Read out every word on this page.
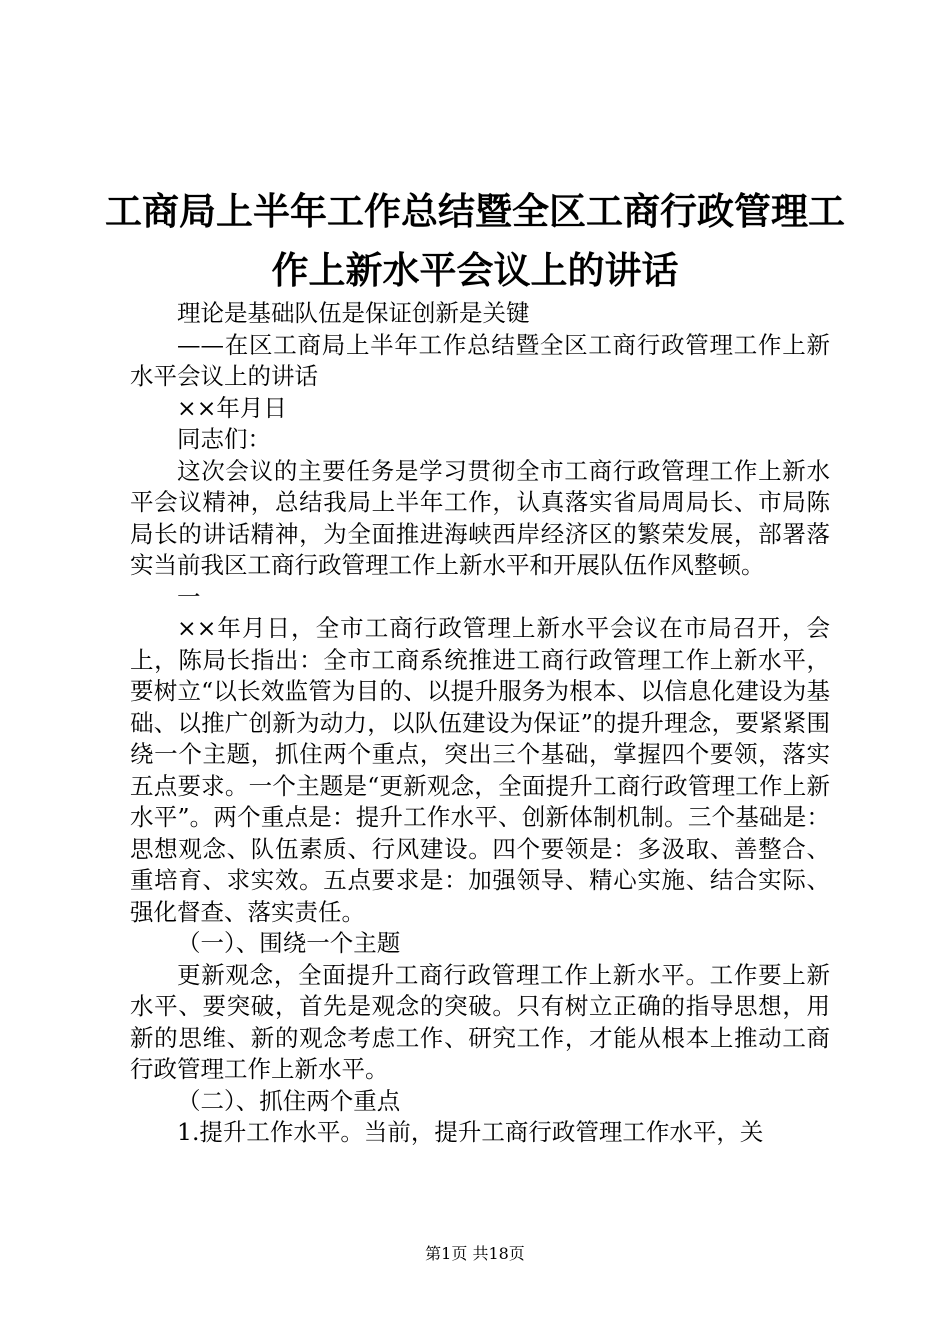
工商局上半年工作总结暨全区工商行政管理工
作上新水平会议上的讲话

理论是基础队伍是保证创新是关键

——在区工商局上半年工作总结暨全区工商行政管理工作上新水平会议上的讲话

××年月日

同志们：

这次会议的主要任务是学习贯彻全市工商行政管理工作上新水平会议精神，总结我局上半年工作，认真落实省局周局长、市局陈局长的讲话精神，为全面推进海峡西岸经济区的繁荣发展，部署落实当前我区工商行政管理工作上新水平和开展队伍作风整顿。

一

××年月日，全市工商行政管理上新水平会议在市局召开，会上，陈局长指出：全市工商系统推进工商行政管理工作上新水平，要树立“以长效监管为目的、以提升服务为根本、以信息化建设为基础、以推广创新为动力，以队伍建设为保证”的提升理念，要紧紧围绕一个主题，抓住两个重点，突出三个基础，掌握四个要领，落实五点要求。一个主题是“更新观念，全面提升工商行政管理工作上新水平”。两个重点是：提升工作水平、创新体制机制。三个基础是：思想观念、队伍素质、行风建设。四个要领是：多汲取、善整合、重培育、求实效。五点要求是：加强领导、精心实施、结合实际、强化督查、落实责任。

（一）、围绕一个主题

更新观念，全面提升工商行政管理工作上新水平。工作要上新水平、要突破，首先是观念的突破。只有树立正确的指导思想，用新的思维、新的观念考虑工作、研究工作，才能从根本上推动工商行政管理工作上新水平。

（二）、抓住两个重点

1.提升工作水平。当前，提升工商行政管理工作水平，关

第1页 共18页
